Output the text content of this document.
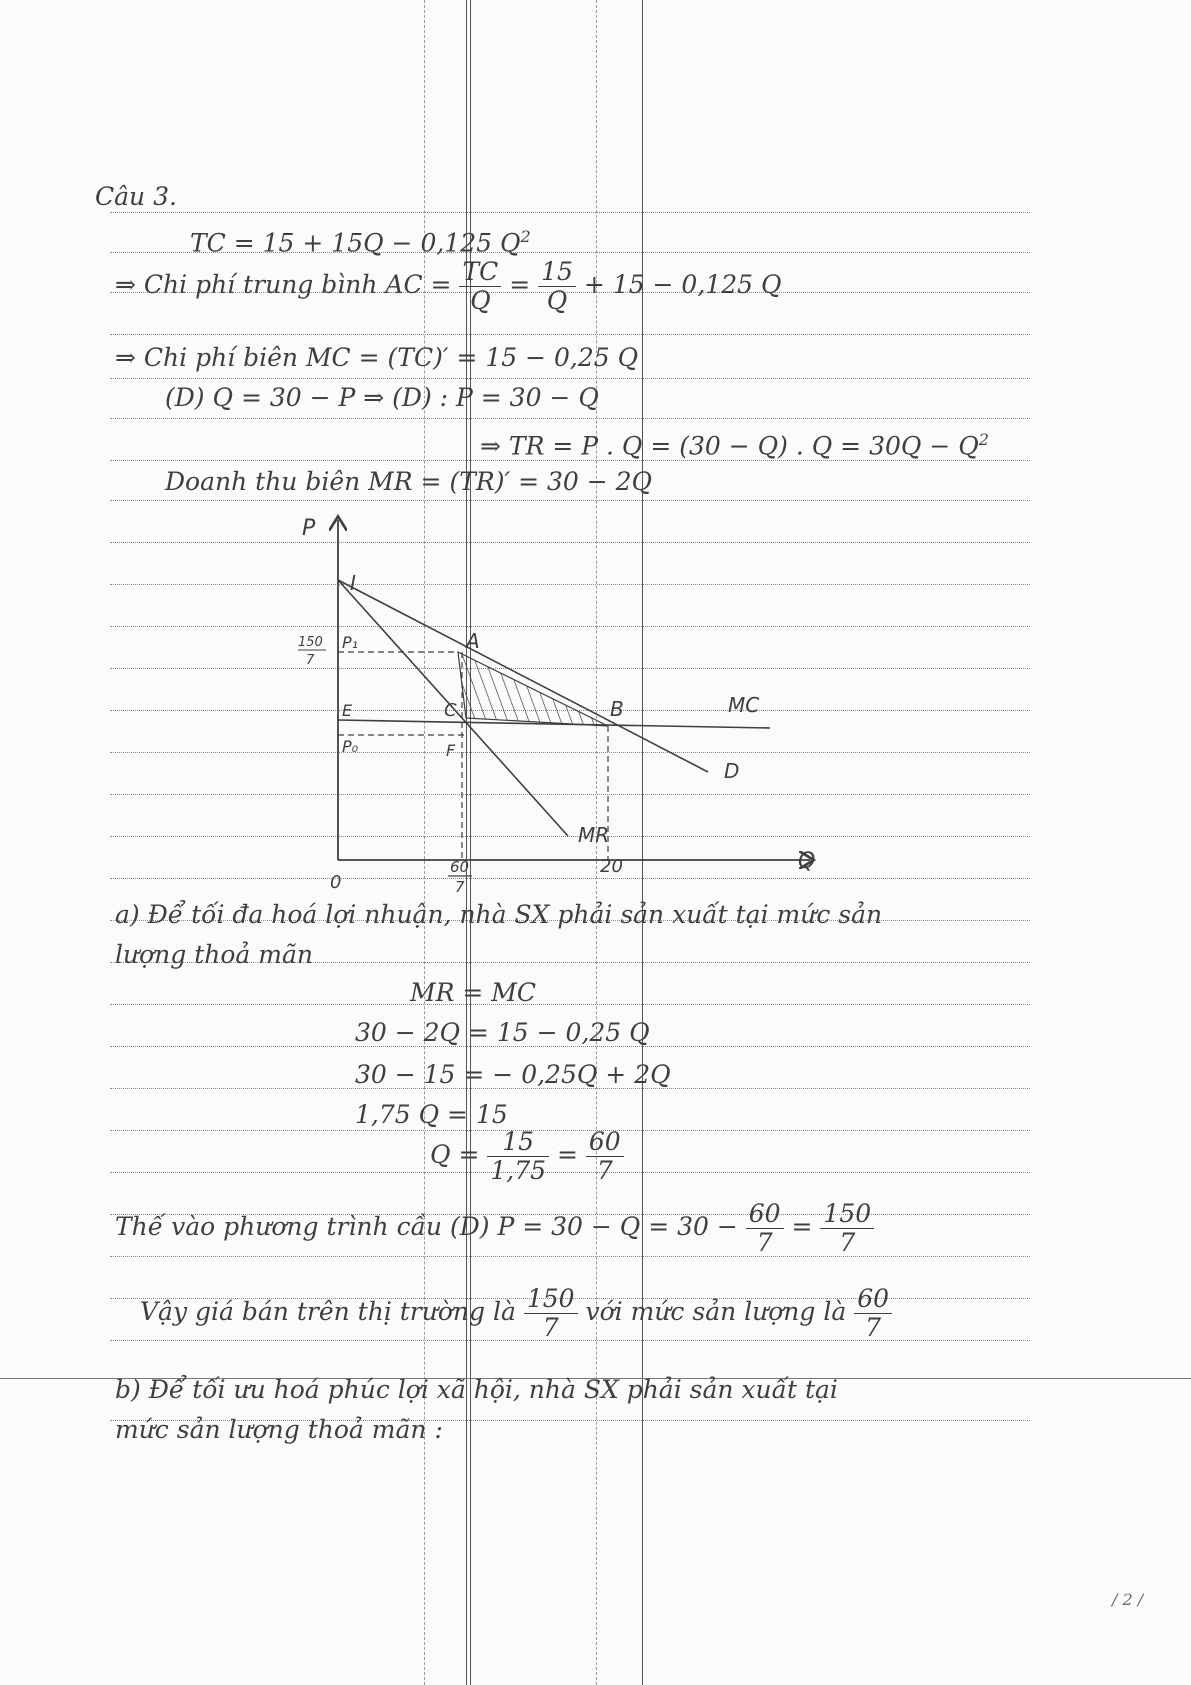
Câu 3.
TC = 15 + 15Q − 0,125 $Q^2$
⇒ Chi phí trung bình AC = $\frac{TC}{Q} = \frac{15}{Q} + 15 - 0,125$ Q
⇒ Chi phí biên MC = (TC)′ = 15 − 0,25 Q
(D) Q = 30 − P ⇒ (D) : P = 30 − Q
⇒ TR = P . Q = (30 − Q) . $Q = 30Q - Q^2$
Doanh thu biên MR = (TR)′ = 30 − 2Q
P
Q
0
I
A
B
C
E
F
P₁
P₀
MC
D
MR
60
7
20
150
7
a) Để tối đa hoá lợi nhuận, nhà SX phải sản xuất tại mức sản
lượng thoả mãn
MR = MC
30 − 2Q = 15 − 0,25 Q
30 − 15 = − 0,25Q + 2Q
1,75 Q = 15
$Q = \frac{15}{1,75} = \frac{60}{7}$
Thế vào phương trình cầu (D) $P = 30 - Q = 30 - \frac{60}{7} = \frac{150}{7}$
Vậy giá bán trên thị trường là $\frac{150}{7}$ với mức sản lượng là $\frac{60}{7}$
b) Để tối ưu hoá phúc lợi xã hội, nhà SX phải sản xuất tại
mức sản lượng thoả mãn :
/ 2 /
